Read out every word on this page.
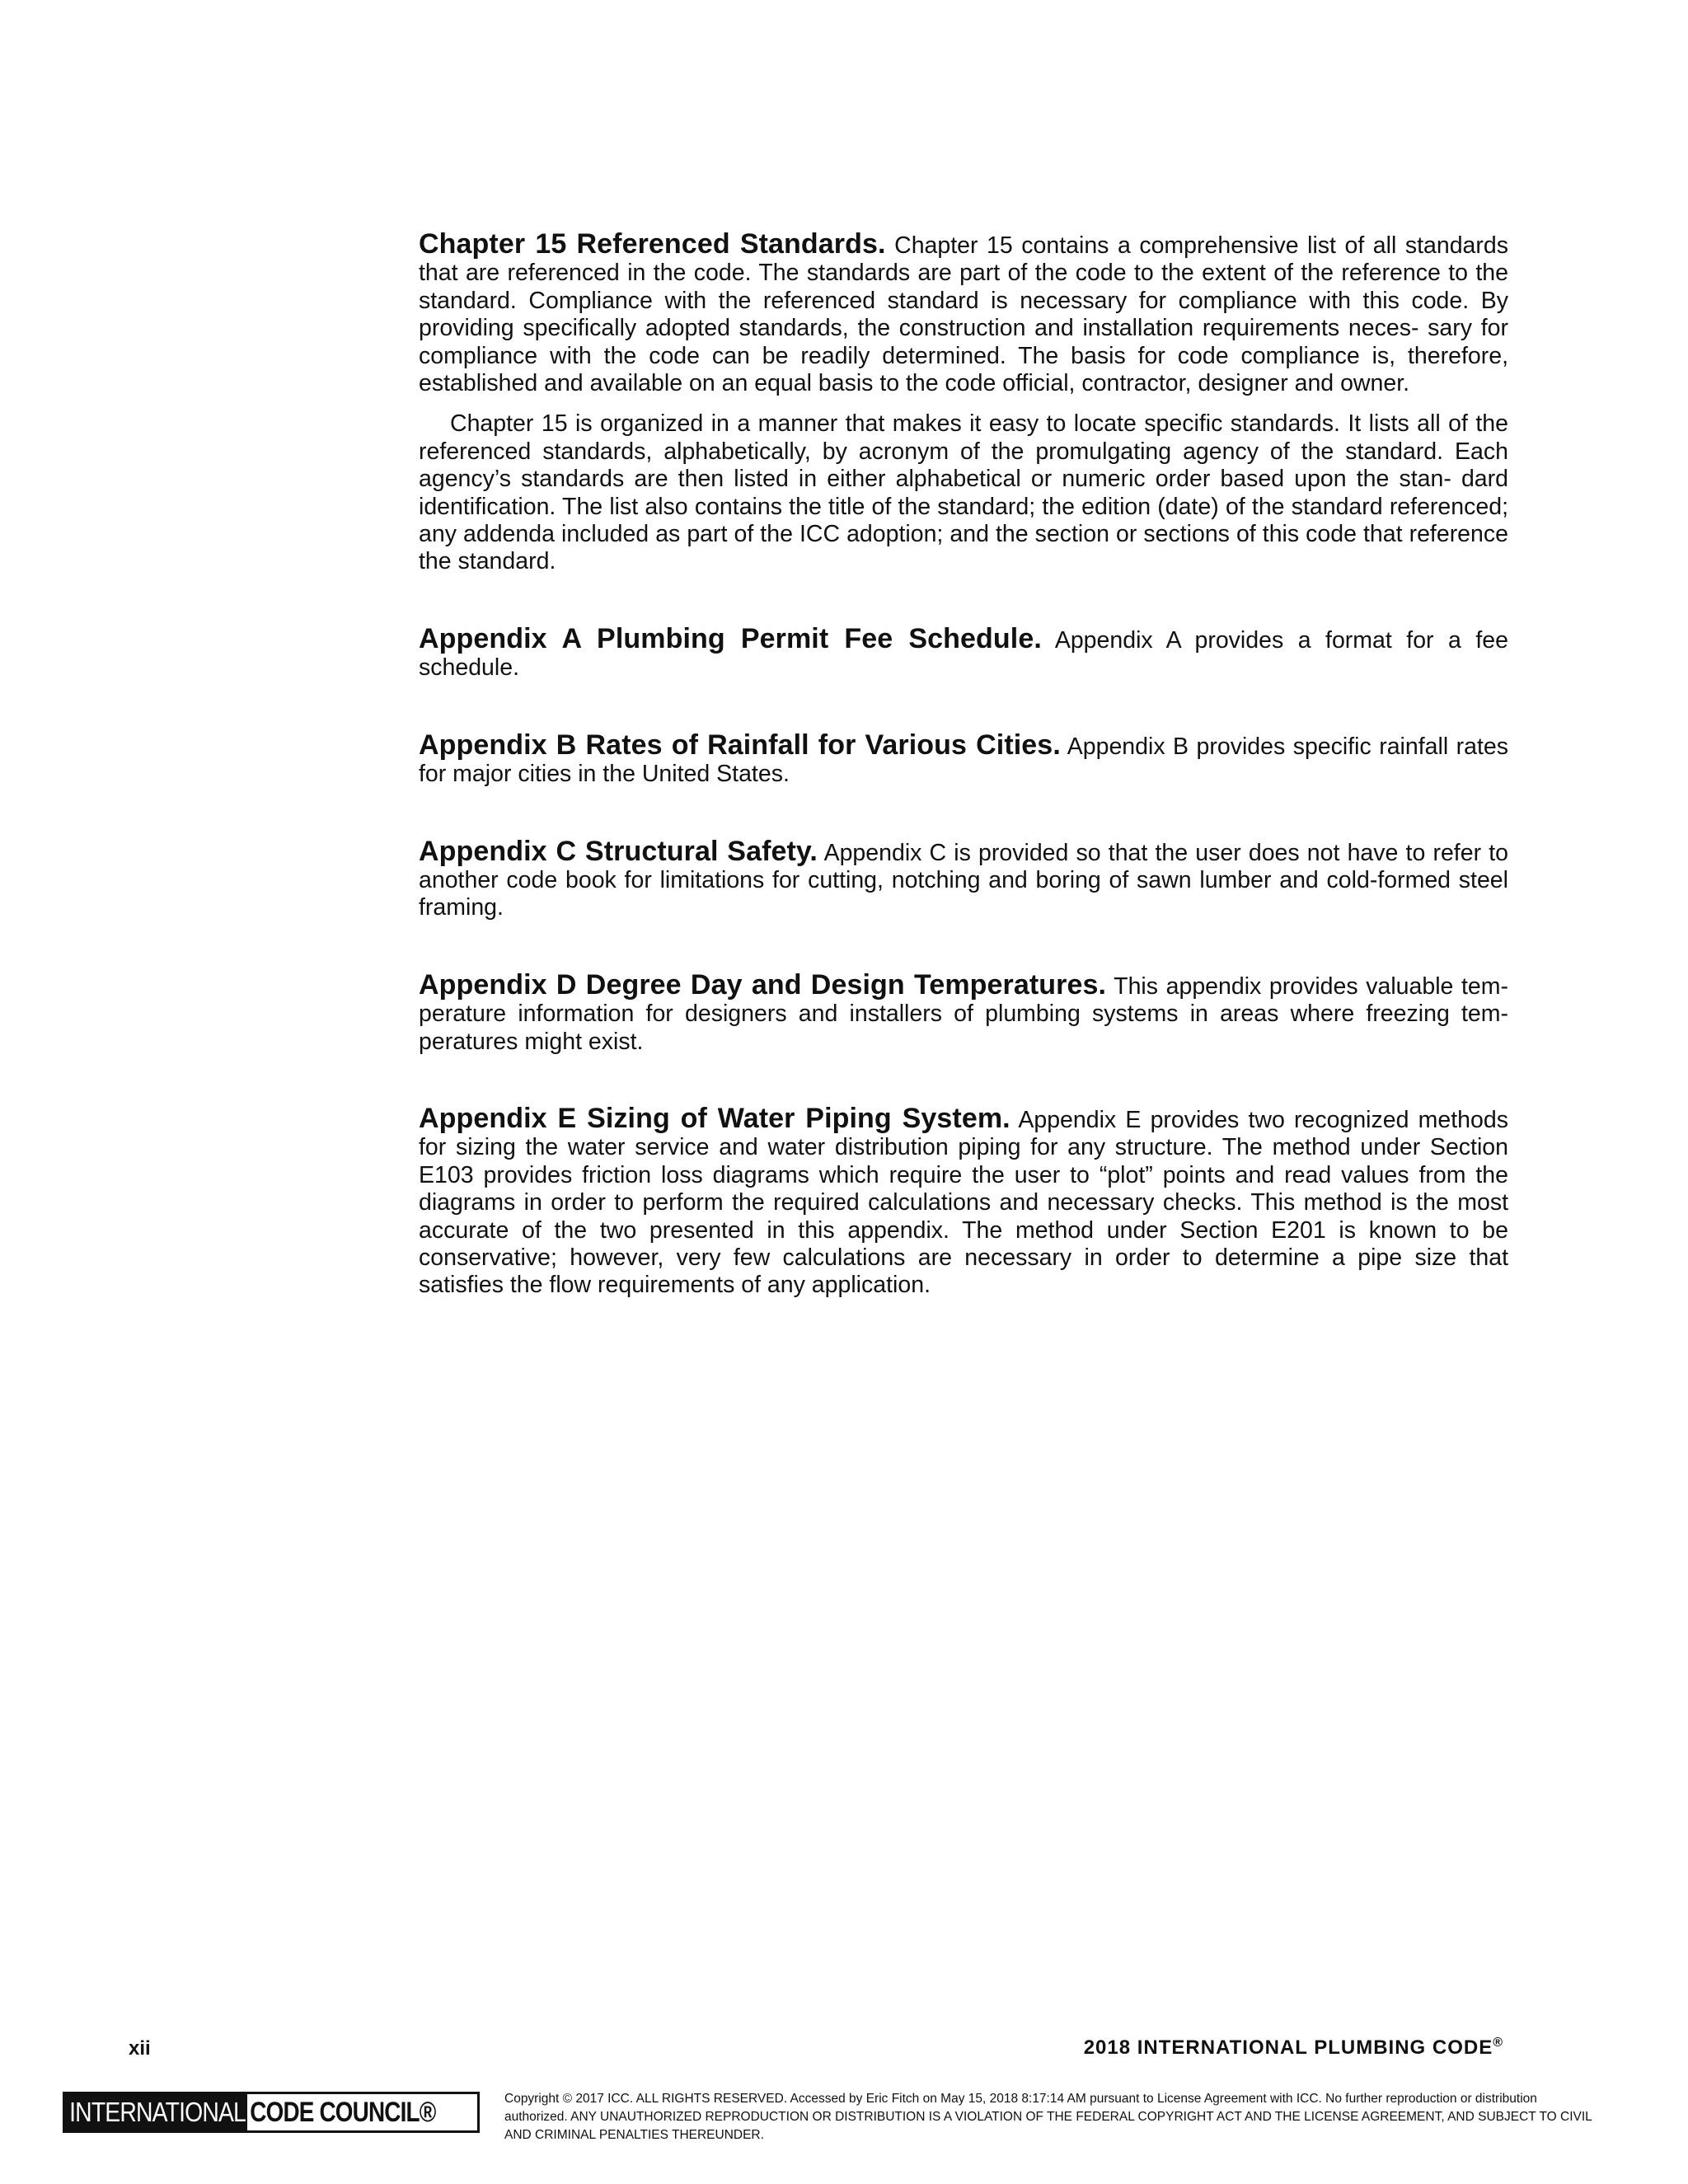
Chapter 15 Referenced Standards. Chapter 15 contains a comprehensive list of all standards that are referenced in the code. The standards are part of the code to the extent of the reference to the standard. Compliance with the referenced standard is necessary for compliance with this code. By providing specifically adopted standards, the construction and installation requirements neces- sary for compliance with the code can be readily determined. The basis for code compliance is, therefore, established and available on an equal basis to the code official, contractor, designer and owner.

Chapter 15 is organized in a manner that makes it easy to locate specific standards. It lists all of the referenced standards, alphabetically, by acronym of the promulgating agency of the standard. Each agency’s standards are then listed in either alphabetical or numeric order based upon the stan- dard identification. The list also contains the title of the standard; the edition (date) of the standard referenced; any addenda included as part of the ICC adoption; and the section or sections of this code that reference the standard.

Appendix A Plumbing Permit Fee Schedule. Appendix A provides a format for a fee schedule.

Appendix B Rates of Rainfall for Various Cities. Appendix B provides specific rainfall rates for major cities in the United States.

Appendix C Structural Safety. Appendix C is provided so that the user does not have to refer to another code book for limitations for cutting, notching and boring of sawn lumber and cold-formed steel framing.

Appendix D Degree Day and Design Temperatures. This appendix provides valuable tem- perature information for designers and installers of plumbing systems in areas where freezing tem- peratures might exist.

Appendix E Sizing of Water Piping System. Appendix E provides two recognized methods for sizing the water service and water distribution piping for any structure. The method under Section E103 provides friction loss diagrams which require the user to “plot” points and read values from the diagrams in order to perform the required calculations and necessary checks. This method is the most accurate of the two presented in this appendix. The method under Section E201 is known to be conservative; however, very few calculations are necessary in order to determine a pipe size that satisfies the flow requirements of any application.

xii	2018 INTERNATIONAL PLUMBING CODE®
INTERNATIONAL CODE COUNCIL®	Copyright © 2017 ICC. ALL RIGHTS RESERVED. Accessed by Eric Fitch on May 15, 2018 8:17:14 AM pursuant to License Agreement with ICC. No further reproduction or distribution authorized. ANY UNAUTHORIZED REPRODUCTION OR DISTRIBUTION IS A VIOLATION OF THE FEDERAL COPYRIGHT ACT AND THE LICENSE AGREEMENT, AND SUBJECT TO CIVIL AND CRIMINAL PENALTIES THEREUNDER.
